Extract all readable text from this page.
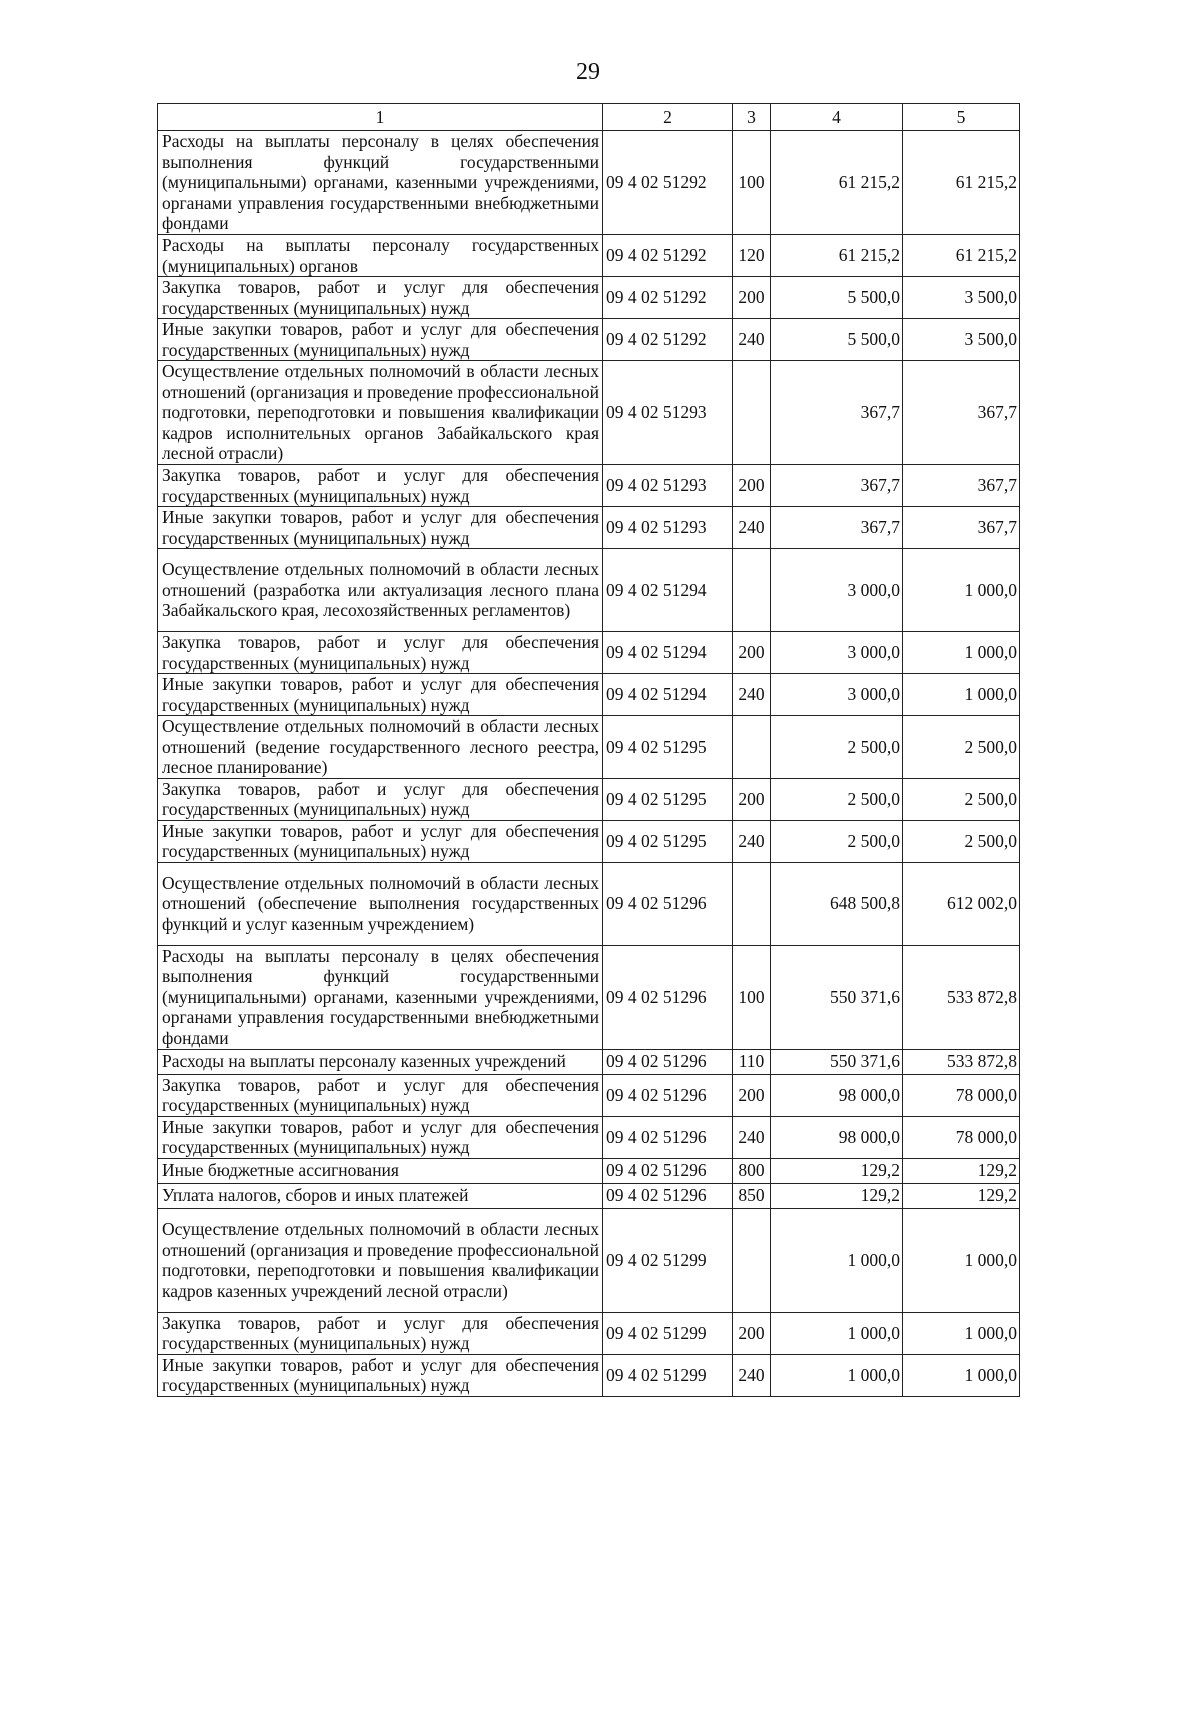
29
1	2	3	4	5
Расходы на выплаты персоналу в целях обеспечения выполнения функций государственными (муниципальными) органами, казенными учреждениями, органами управления государственными внебюджетными фондами	09 4 02 51292	100	61 215,2	61 215,2
Расходы на выплаты персоналу государственных (муниципальных) органов	09 4 02 51292	120	61 215,2	61 215,2
Закупка товаров, работ и услуг для обеспечения государственных (муниципальных) нужд	09 4 02 51292	200	5 500,0	3 500,0
Иные закупки товаров, работ и услуг для обеспечения государственных (муниципальных) нужд	09 4 02 51292	240	5 500,0	3 500,0
Осуществление отдельных полномочий в области лесных отношений (организация и проведение профессиональной подготовки, переподготовки и повышения квалификации кадров исполнительных органов Забайкальского края лесной отрасли)	09 4 02 51293		367,7	367,7
Закупка товаров, работ и услуг для обеспечения государственных (муниципальных) нужд	09 4 02 51293	200	367,7	367,7
Иные закупки товаров, работ и услуг для обеспечения государственных (муниципальных) нужд	09 4 02 51293	240	367,7	367,7
Осуществление отдельных полномочий в области лесных отношений (разработка или актуализация лесного плана Забайкальского края, лесохозяйственных регламентов)	09 4 02 51294		3 000,0	1 000,0
Закупка товаров, работ и услуг для обеспечения государственных (муниципальных) нужд	09 4 02 51294	200	3 000,0	1 000,0
Иные закупки товаров, работ и услуг для обеспечения государственных (муниципальных) нужд	09 4 02 51294	240	3 000,0	1 000,0
Осуществление отдельных полномочий в области лесных отношений (ведение государственного лесного реестра, лесное планирование)	09 4 02 51295		2 500,0	2 500,0
Закупка товаров, работ и услуг для обеспечения государственных (муниципальных) нужд	09 4 02 51295	200	2 500,0	2 500,0
Иные закупки товаров, работ и услуг для обеспечения государственных (муниципальных) нужд	09 4 02 51295	240	2 500,0	2 500,0
Осуществление отдельных полномочий в области лесных отношений (обеспечение выполнения государственных функций и услуг казенным учреждением)	09 4 02 51296		648 500,8	612 002,0
Расходы на выплаты персоналу в целях обеспечения выполнения функций государственными (муниципальными) органами, казенными учреждениями, органами управления государственными внебюджетными фондами	09 4 02 51296	100	550 371,6	533 872,8
Расходы на выплаты персоналу казенных учреждений	09 4 02 51296	110	550 371,6	533 872,8
Закупка товаров, работ и услуг для обеспечения государственных (муниципальных) нужд	09 4 02 51296	200	98 000,0	78 000,0
Иные закупки товаров, работ и услуг для обеспечения государственных (муниципальных) нужд	09 4 02 51296	240	98 000,0	78 000,0
Иные бюджетные ассигнования	09 4 02 51296	800	129,2	129,2
Уплата налогов, сборов и иных платежей	09 4 02 51296	850	129,2	129,2
Осуществление отдельных полномочий в области лесных отношений (организация и проведение профессиональной подготовки, переподготовки и повышения квалификации кадров казенных учреждений лесной отрасли)	09 4 02 51299		1 000,0	1 000,0
Закупка товаров, работ и услуг для обеспечения государственных (муниципальных) нужд	09 4 02 51299	200	1 000,0	1 000,0
Иные закупки товаров, работ и услуг для обеспечения государственных (муниципальных) нужд	09 4 02 51299	240	1 000,0	1 000,0
